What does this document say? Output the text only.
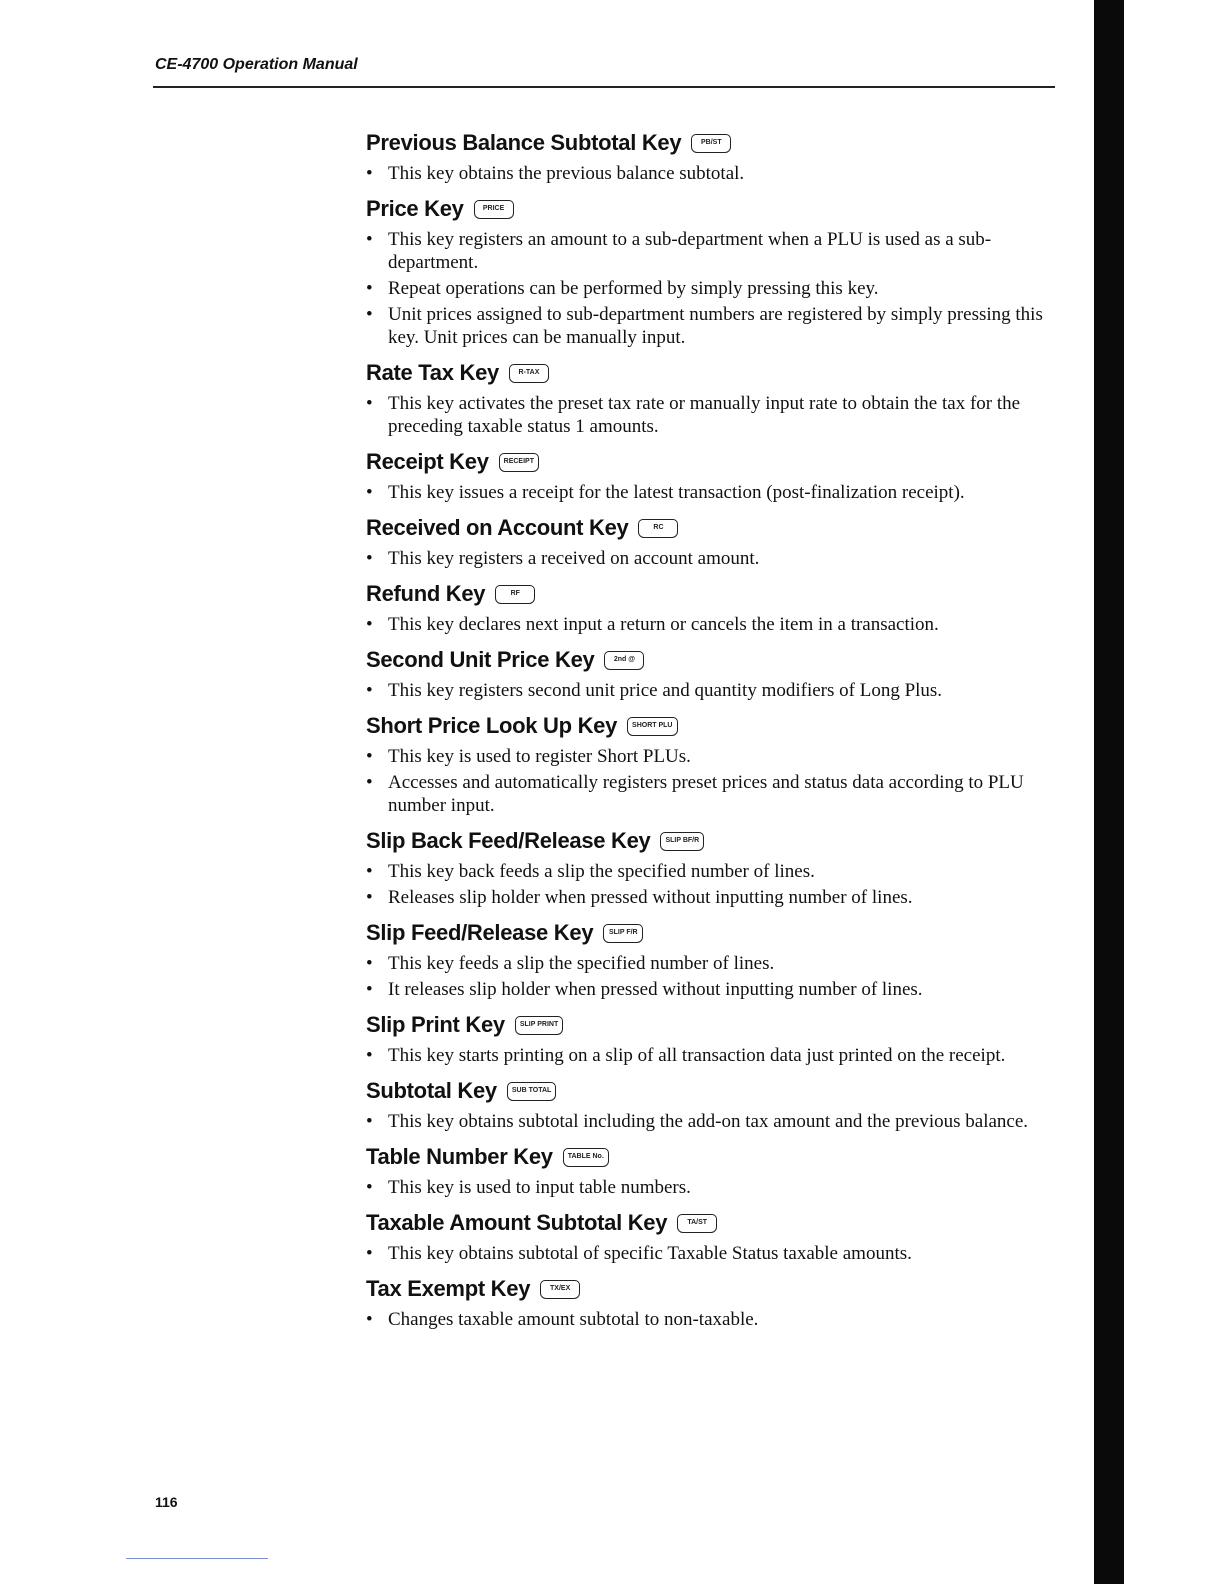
CE-4700 Operation Manual
Previous Balance Subtotal Key	PB/ST
• This key obtains the previous balance subtotal.
Price Key	PRICE
• This key registers an amount to a sub-department when a PLU is used as a sub-department.
• Repeat operations can be performed by simply pressing this key.
• Unit prices assigned to sub-department numbers are registered by simply pressing this key. Unit prices can be manually input.
Rate Tax Key	R-TAX
• This key activates the preset tax rate or manually input rate to obtain the tax for the preceding taxable status 1 amounts.
Receipt Key	RECEIPT
• This key issues a receipt for the latest transaction (post-finalization receipt).
Received on Account Key	RC
• This key registers a received on account amount.
Refund Key	RF
• This key declares next input a return or cancels the item in a transaction.
Second Unit Price Key	2nd @
• This key registers second unit price and quantity modifiers of Long Plus.
Short Price Look Up Key	SHORT PLU
• This key is used to register Short PLUs.
• Accesses and automatically registers preset prices and status data according to PLU number input.
Slip Back Feed/Release Key	SLIP BF/R
• This key back feeds a slip the specified number of lines.
• Releases slip holder when pressed without inputting number of lines.
Slip Feed/Release Key	SLIP F/R
• This key feeds a slip the specified number of lines.
• It releases slip holder when pressed without inputting number of lines.
Slip Print Key	SLIP PRINT
• This key starts printing on a slip of all transaction data just printed on the receipt.
Subtotal Key	SUB TOTAL
• This key obtains subtotal including the add-on tax amount and the previous balance.
Table Number Key	TABLE No.
• This key is used to input table numbers.
Taxable Amount Subtotal Key	TA/ST
• This key obtains subtotal of specific Taxable Status taxable amounts.
Tax Exempt Key	TX/EX
• Changes taxable amount subtotal to non-taxable.
116
